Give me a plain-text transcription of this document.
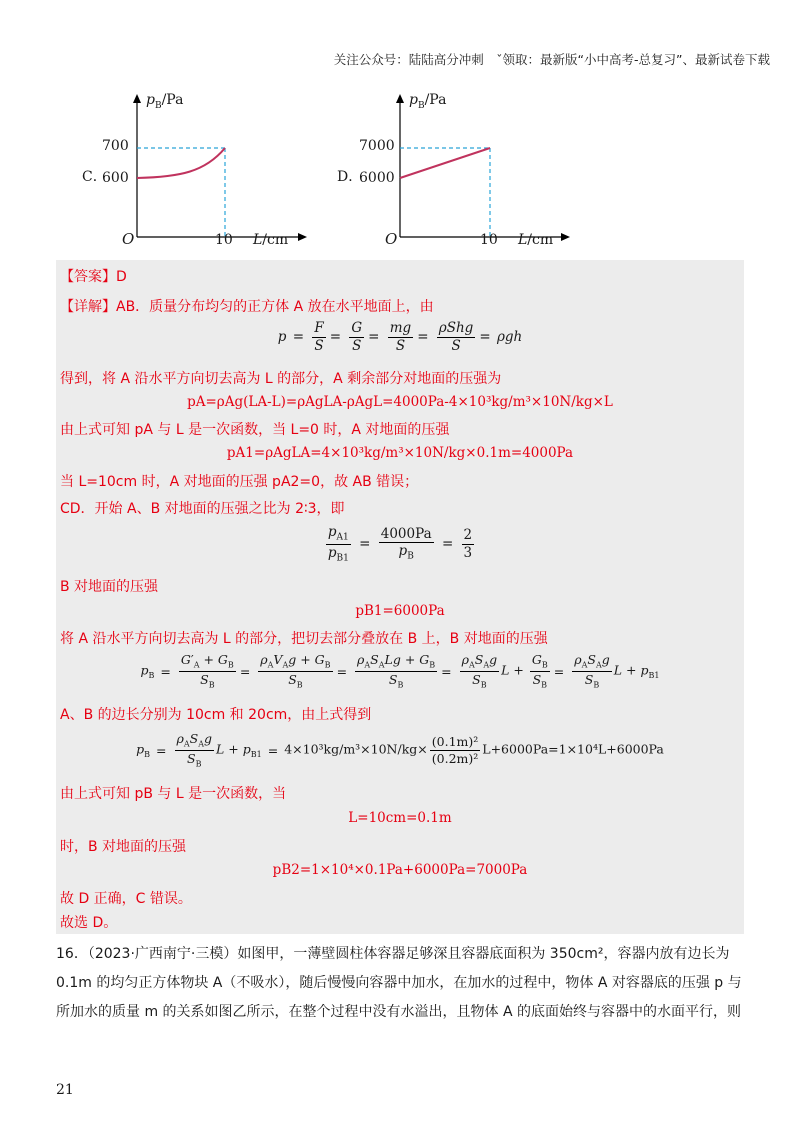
关注公众号：陆陆高分冲刺　ˇ领取：最新版“小中高考-总复习”、最新试卷下载
C．
$p_B/Pa$
700
600
O	10 L/cm
D．
$p_B/Pa$
7000
6000
O	10 L/cm
【答案】D
【详解】AB．质量分布均匀的正方体 A 放在水平地面上，由
$p = \frac{F}{S} = \frac{G}{S} = \frac{mg}{S} = \frac{\text{ρShg}}{S} = \rho gh$
得到，将 A 沿水平方向切去高为 L 的部分，A 剩余部分对地面的压强为
pA=ρAg(LA-L)=ρAgLA-ρAgL=4000Pa-4×10³kg/m³×10N/kg×L
由上式可知 pA 与 L 是一次函数，当 L=0 时，A 对地面的压强
pA1=ρAgLA=4×10³kg/m³×10N/kg×0.1m=4000Pa
当 L=10cm 时，A 对地面的压强 pA2=0，故 AB 错误；
CD．开始 A、B 对地面的压强之比为 2∶3，即
$\frac{p_{A1}}{p_{B1}} = \frac{4000Pa}{p_B} = \frac{2}{3}$
B 对地面的压强
pB1=6000Pa
将 A 沿水平方向切去高为 L 的部分，把切去部分叠放在 B 上，B 对地面的压强
$p_B = \frac{G'_A + G_B}{S_B} = \frac{\rho_AV_Ag + G_B}{S_B} = \frac{\rho_AS_ALg + G_B}{S_B} = \frac{\rho_AS_Ag}{S_B}$ $L + \frac{G_B}{S_B} = \frac{\rho_AS_Ag}{S_B}$ $L + p_{B1}$
A、B 的边长分别为 10cm 和 20cm，由上式得到
$p_B = \frac{\rho_AS_Ag}{S_B}$ $L + p_{B1} = 4\times 10^3kg/m^3\times 10N/kg\times \frac{\text{(0.1m)²}}{\text{(0.2m)²}} L+6000Pa=1\times 10^4L+6000Pa$
由上式可知 pB 与 L 是一次函数，当
L=10cm=0.1m
时，B 对地面的压强
pB2=1×10⁴×0.1Pa+6000Pa=7000Pa
故 D 正确，C 错误。
故选 D。
16．（2023·广西南宁·三模）如图甲，一薄壁圆柱体容器足够深且容器底面积为 350cm²，容器内放有边长为
0.1m 的均匀正方体物块 A（不吸水），随后慢慢向容器中加水，在加水的过程中，物体 A 对容器底的压强 p 与
所加水的质量 m 的关系如图乙所示，在整个过程中没有水溢出，且物体 A 的底面始终与容器中的水面平行，则
21
